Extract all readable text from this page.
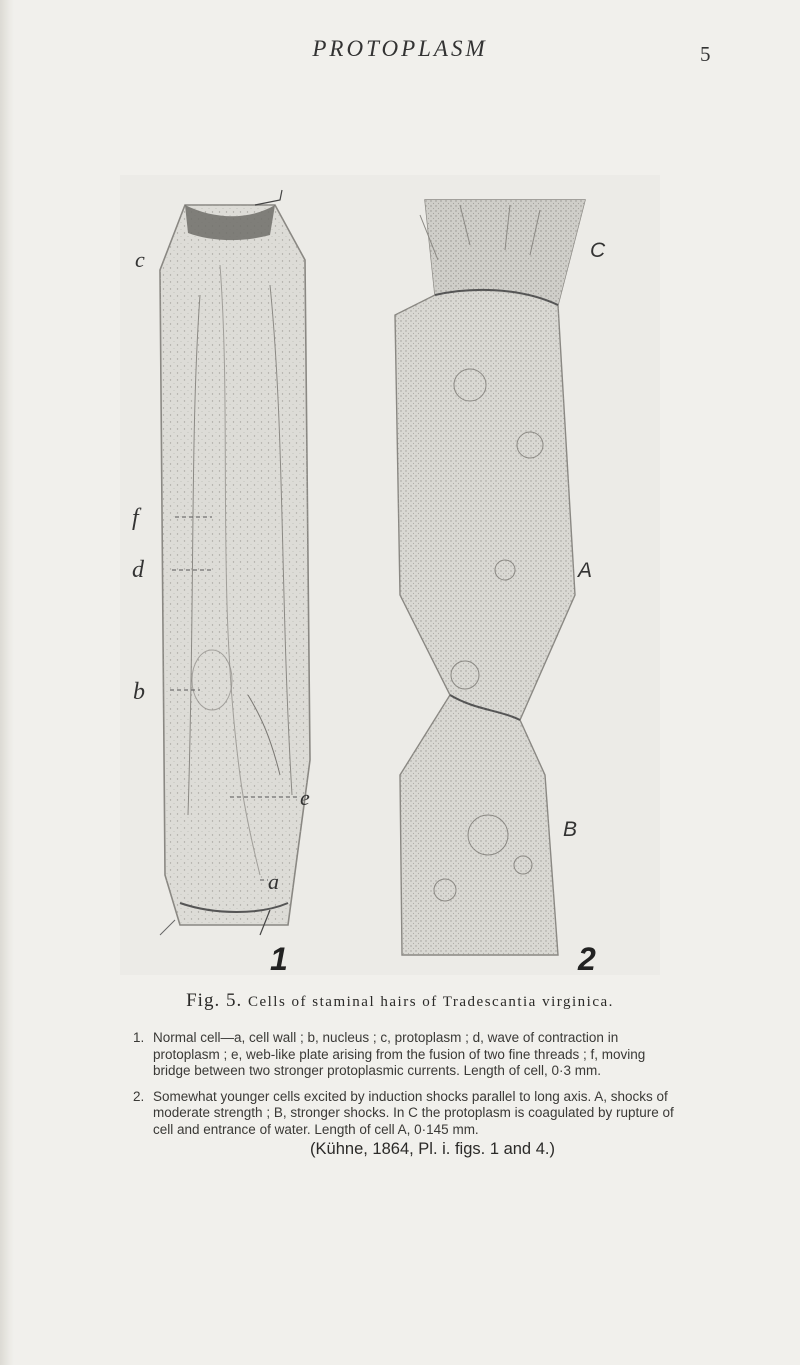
PROTOPLASM	5
c
f
d
b
e
a
C
A
B
1	2
Fig. 5. Cells of staminal hairs of Tradescantia virginica.
1. Normal cell—a, cell wall ; b, nucleus ; c, protoplasm ; d, wave of contraction in protoplasm ; e, web-like plate arising from the fusion of two fine threads ; f, moving bridge between two stronger protoplasmic currents. Length of cell, 0·3 mm.
2. Somewhat younger cells excited by induction shocks parallel to long axis. A, shocks of moderate strength ; B, stronger shocks. In C the protoplasm is coagulated by rupture of cell and entrance of water. Length of cell A, 0·145 mm.
(Kühne, 1864, Pl. i. figs. 1 and 4.)
